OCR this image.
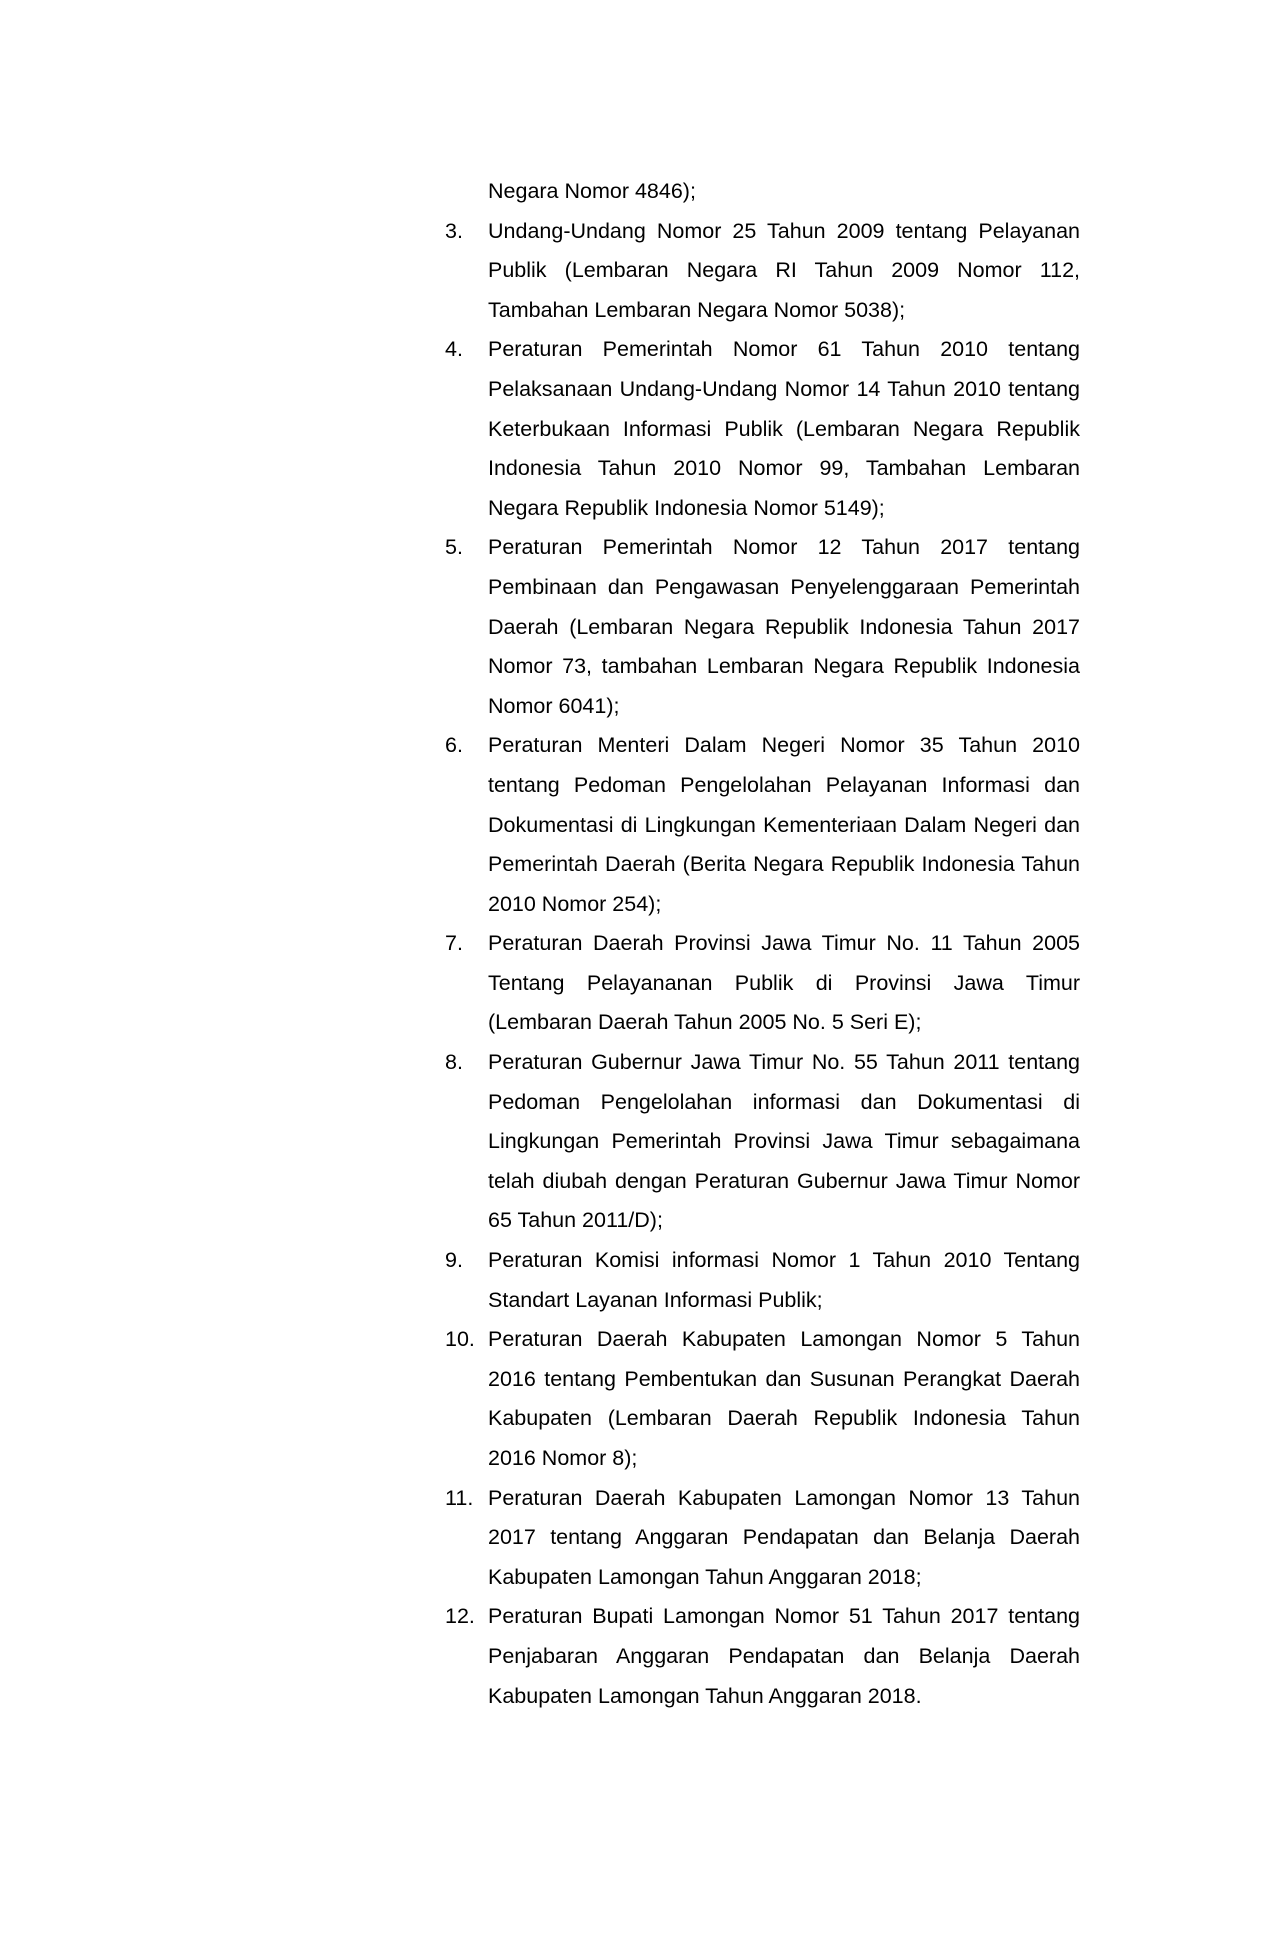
Negara Nomor 4846);
3.	Undang-Undang Nomor 25 Tahun 2009 tentang Pelayanan Publik (Lembaran Negara RI Tahun 2009 Nomor 112, Tambahan Lembaran Negara Nomor 5038);
4.	Peraturan Pemerintah Nomor 61 Tahun 2010 tentang Pelaksanaan Undang-Undang Nomor 14 Tahun 2010 tentang Keterbukaan Informasi Publik (Lembaran Negara Republik Indonesia Tahun 2010 Nomor 99, Tambahan Lembaran Negara Republik Indonesia Nomor 5149);
5.	Peraturan Pemerintah Nomor 12 Tahun 2017 tentang Pembinaan dan Pengawasan Penyelenggaraan Pemerintah Daerah (Lembaran Negara Republik Indonesia Tahun 2017 Nomor 73, tambahan Lembaran Negara Republik Indonesia Nomor 6041);
6.	Peraturan Menteri Dalam Negeri Nomor 35 Tahun 2010 tentang Pedoman Pengelolahan Pelayanan Informasi dan Dokumentasi di Lingkungan Kementeriaan Dalam Negeri dan Pemerintah Daerah (Berita Negara Republik Indonesia Tahun 2010 Nomor 254);
7.	Peraturan Daerah Provinsi Jawa Timur No. 11 Tahun 2005 Tentang Pelayananan Publik di Provinsi Jawa Timur (Lembaran Daerah Tahun 2005 No. 5 Seri E);
8.	Peraturan Gubernur Jawa Timur No. 55 Tahun 2011 tentang Pedoman Pengelolahan informasi dan Dokumentasi di Lingkungan Pemerintah Provinsi Jawa Timur sebagaimana telah diubah dengan Peraturan Gubernur Jawa Timur Nomor 65 Tahun 2011/D);
9.	Peraturan Komisi informasi Nomor 1 Tahun 2010 Tentang Standart Layanan Informasi Publik;
10. Peraturan Daerah Kabupaten Lamongan Nomor 5 Tahun 2016 tentang Pembentukan dan Susunan Perangkat Daerah Kabupaten (Lembaran Daerah Republik Indonesia Tahun 2016 Nomor 8);
11. Peraturan Daerah Kabupaten Lamongan Nomor 13 Tahun 2017 tentang Anggaran Pendapatan dan Belanja Daerah Kabupaten Lamongan Tahun Anggaran 2018;
12. Peraturan Bupati Lamongan Nomor 51 Tahun 2017 tentang Penjabaran Anggaran Pendapatan dan Belanja Daerah Kabupaten Lamongan Tahun Anggaran 2018.
